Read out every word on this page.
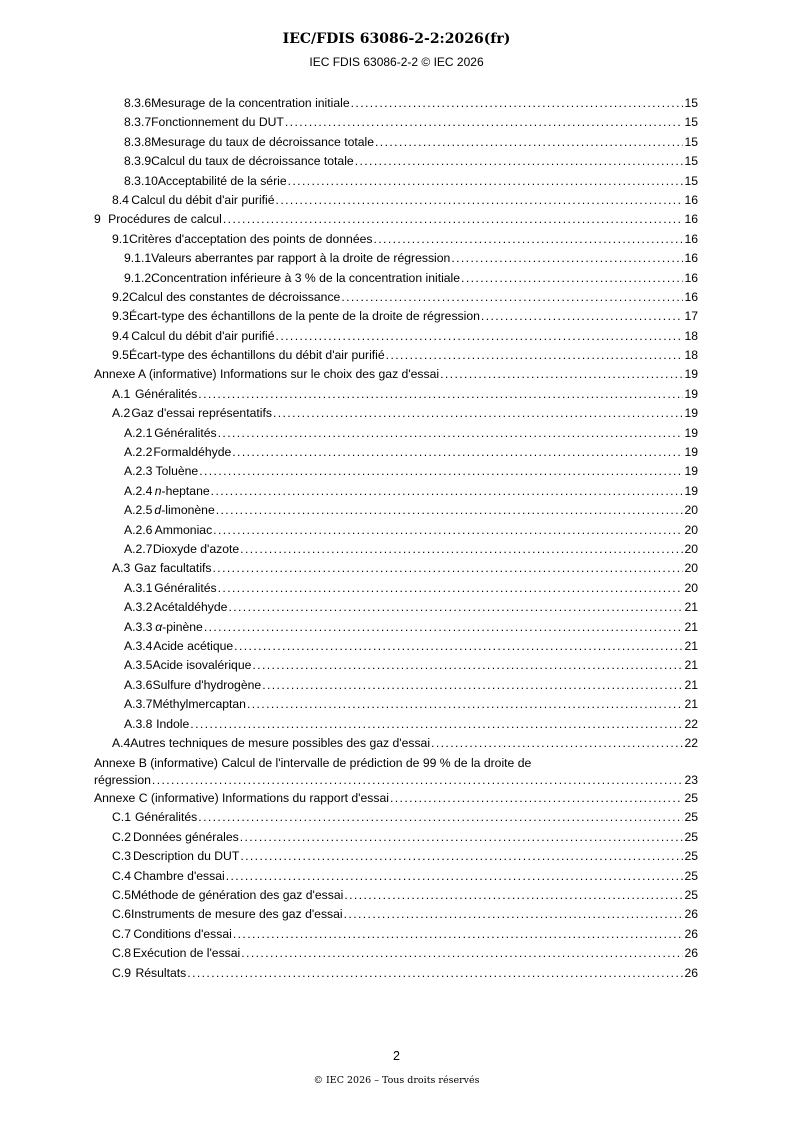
IEC/FDIS 63086-2-2:2026(fr)
IEC FDIS 63086-2-2 © IEC 2026
8.3.6 Mesurage de la concentration initiale .....	15
8.3.7 Fonctionnement du DUT .....	15
8.3.8 Mesurage du taux de décroissance totale .....	15
8.3.9 Calcul du taux de décroissance totale .....	15
8.3.10 Acceptabilité de la série .....	15
8.4 Calcul du débit d'air purifié .....	16
9 Procédures de calcul .....	16
9.1 Critères d'acceptation des points de données .....	16
9.1.1 Valeurs aberrantes par rapport à la droite de régression .....	16
9.1.2 Concentration inférieure à 3 % de la concentration initiale .....	16
9.2 Calcul des constantes de décroissance .....	16
9.3 Écart-type des échantillons de la pente de la droite de régression .....	17
9.4 Calcul du débit d'air purifié .....	18
9.5 Écart-type des échantillons du débit d'air purifié .....	18
Annexe A (informative) Informations sur le choix des gaz d'essai .....	19
A.1 Généralités .....	19
A.2 Gaz d'essai représentatifs .....	19
A.2.1 Généralités .....	19
A.2.2 Formaldéhyde .....	19
A.2.3 Toluène .....	19
A.2.4 n-heptane .....	19
A.2.5 d-limonène .....	20
A.2.6 Ammoniac .....	20
A.2.7 Dioxyde d'azote .....	20
A.3 Gaz facultatifs .....	20
A.3.1 Généralités .....	20
A.3.2 Acétaldéhyde .....	21
A.3.3 α-pinène .....	21
A.3.4 Acide acétique .....	21
A.3.5 Acide isovalérique .....	21
A.3.6 Sulfure d'hydrogène .....	21
A.3.7 Méthylmercaptan .....	21
A.3.8 Indole .....	22
A.4 Autres techniques de mesure possibles des gaz d'essai .....	22
Annexe B (informative) Calcul de l'intervalle de prédiction de 99 % de la droite de
régression .....	23
Annexe C (informative) Informations du rapport d'essai .....	25
C.1 Généralités .....	25
C.2 Données générales .....	25
C.3 Description du DUT .....	25
C.4 Chambre d'essai .....	25
C.5 Méthode de génération des gaz d'essai .....	25
C.6 Instruments de mesure des gaz d'essai .....	26
C.7 Conditions d'essai .....	26
C.8 Exécution de l'essai .....	26
C.9 Résultats .....	26
2
© IEC 2026 – Tous droits réservés
